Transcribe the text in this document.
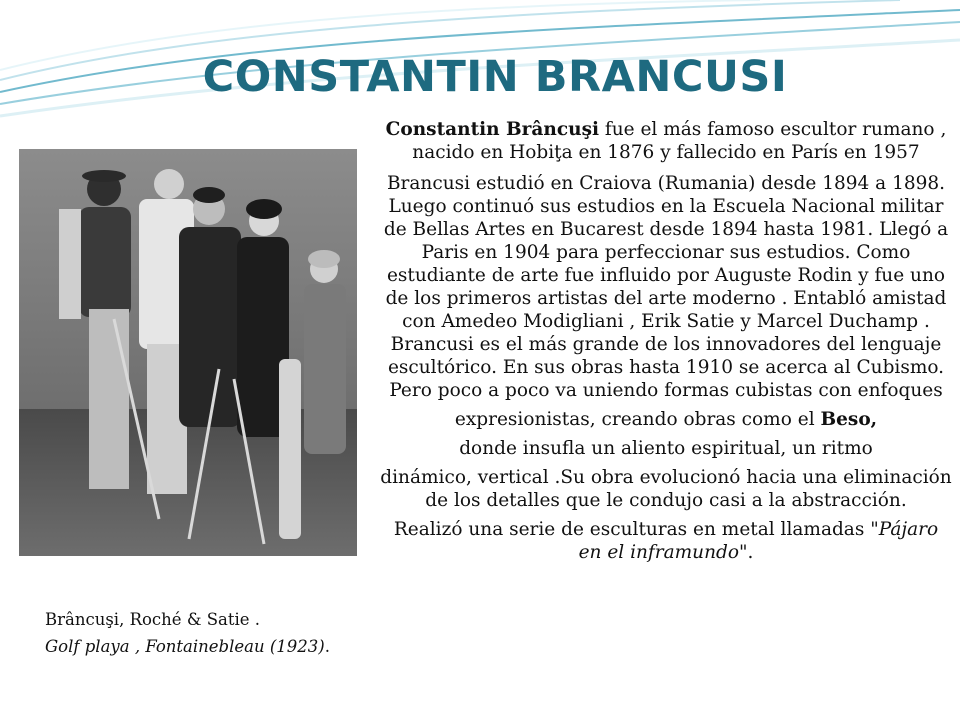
CONSTANTIN BRANCUSI
Brâncuşi, Roché & Satie .
Golf playa , Fontainebleau (1923).

Constantin Brâncuşi fue el más famoso escultor rumano , nacido en Hobiţa en 1876 y fallecido en París en 1957

Brancusi estudió en Craiova (Rumania) desde 1894 a 1898. Luego continuó sus estudios en la Escuela Nacional militar de Bellas Artes en Bucarest desde 1894 hasta 1981. Llegó a Paris en 1904 para perfeccionar sus estudios. Como estudiante de arte fue influido por Auguste Rodin y fue uno de los primeros artistas del arte moderno . Entabló amistad con Amedeo Modigliani , Erik Satie y Marcel Duchamp . Brancusi es el más grande de los innovadores del lenguaje escultórico. En sus obras hasta 1910 se acerca al Cubismo. Pero poco a poco va uniendo formas cubistas con enfoques

expresionistas, creando obras como el Beso,

donde insufla un aliento espiritual, un ritmo

dinámico, vertical .Su obra evolucionó hacia una eliminación de los detalles que le condujo casi a la abstracción.

Realizó una serie de esculturas en metal llamadas "Pájaro en el inframundo".
